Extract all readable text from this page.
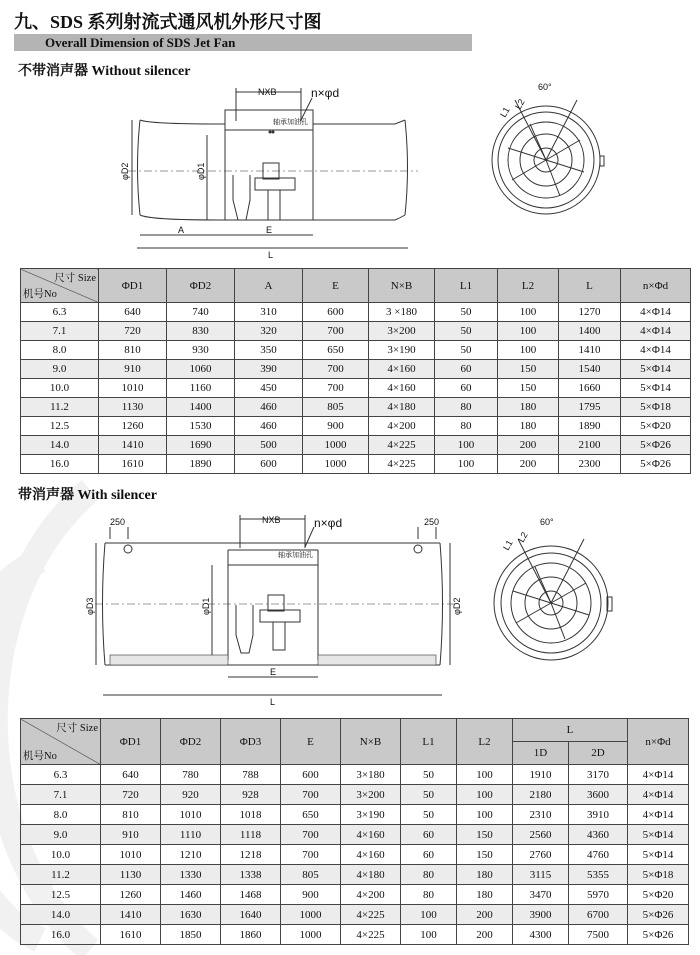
九、SDS 系列射流式通风机外形尺寸图
Overall Dimension of SDS Jet Fan
不带消声器 Without silencer
NXB	n×φd
轴承加油孔
φD2	φD1
A	E
L
60°
L1
L2
尺寸 Size
机号No	ΦD1	ΦD2	A	E	N×B	L1	L2	L	n×Φd
6.3	640	740	310	600	3 ×180	50	100	1270	4×Φ14
7.1	720	830	320	700	3×200	50	100	1400	4×Φ14
8.0	810	930	350	650	3×190	50	100	1410	4×Φ14
9.0	910	1060	390	700	4×160	60	150	1540	5×Φ14
10.0	1010	1160	450	700	4×160	60	150	1660	5×Φ14
11.2	1130	1400	460	805	4×180	80	180	1795	5×Φ18
12.5	1260	1530	460	900	4×200	80	180	1890	5×Φ20
14.0	1410	1690	500	1000	4×225	100	200	2100	5×Φ26
16.0	1610	1890	600	1000	4×225	100	200	2300	5×Φ26
带消声器 With silencer
250	250
NXB	n×φd
轴承加油孔
φD3	φD1	φD2
E
L
60°
L1
L2
尺寸 Size
机号No	ΦD1	ΦD2	ΦD3	E	N×B	L1	L2	L		n×Φd
								1D	2D	
6.3	640	780	788	600	3×180	50	100	1910	3170	4×Φ14
7.1	720	920	928	700	3×200	50	100	2180	3600	4×Φ14
8.0	810	1010	1018	650	3×190	50	100	2310	3910	4×Φ14
9.0	910	1110	1118	700	4×160	60	150	2560	4360	5×Φ14
10.0	1010	1210	1218	700	4×160	60	150	2760	4760	5×Φ14
11.2	1130	1330	1338	805	4×180	80	180	3115	5355	5×Φ18
12.5	1260	1460	1468	900	4×200	80	180	3470	5970	5×Φ20
14.0	1410	1630	1640	1000	4×225	100	200	3900	6700	5×Φ26
16.0	1610	1850	1860	1000	4×225	100	200	4300	7500	5×Φ26
